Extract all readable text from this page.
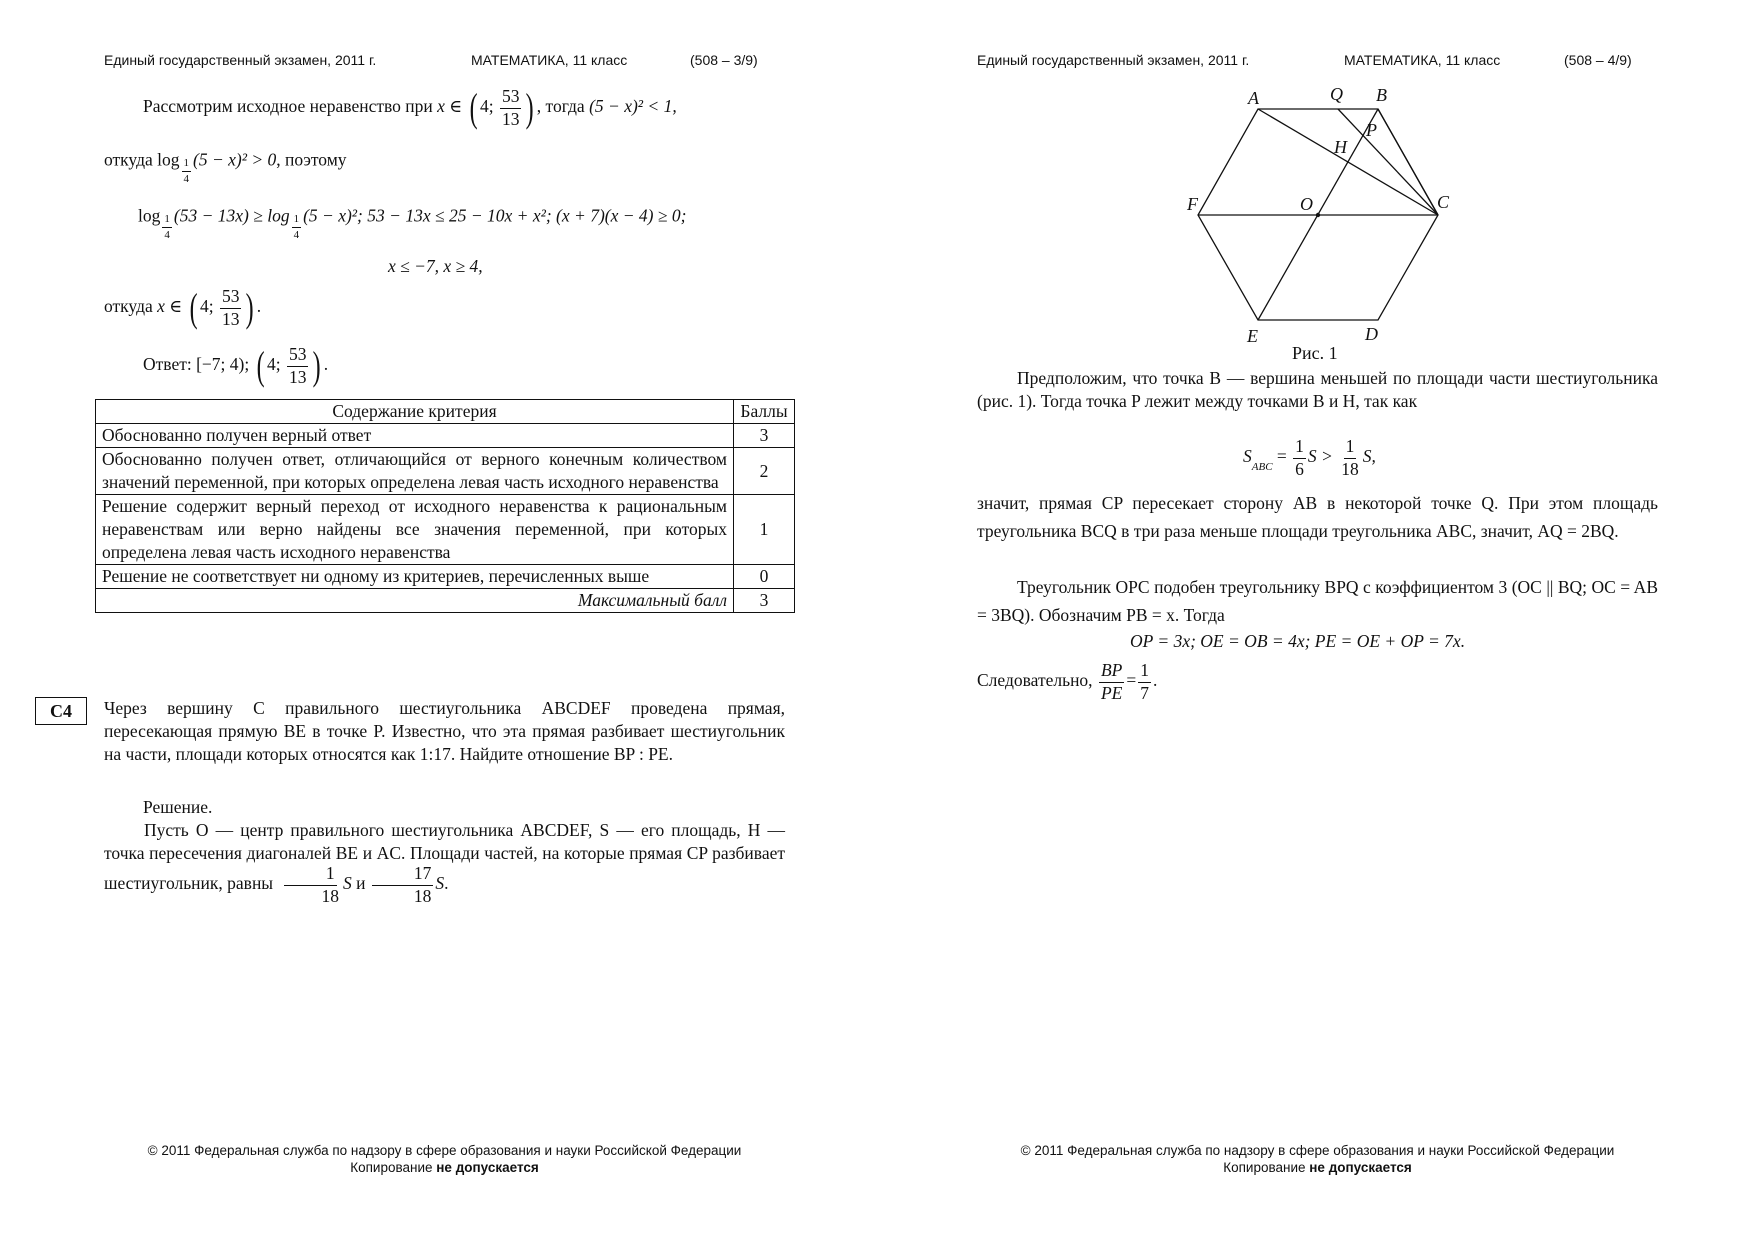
Единый государственный экзамен, 2011 г.	МАТЕМАТИКА, 11 класс	(508 – 3/9)
Рассмотрим исходное неравенство при x ∈ ( 4; $\frac{53}{13}$ ) , тогда (5 − x)² < 1,
откуда $\log \frac{1}{4} (5 - x)^2 > 0$, поэтому
$\log \frac{1}{4} (53 - 13x) \ge \log \frac{1}{4} (5 - x)^2$; 53 − 13x ≤ 25 − 10x + x²; (x + 7)(x − 4) ≥ 0;
x ≤ −7, x ≥ 4,
откуда x ∈ ( 4; $\frac{53}{13}$ ) .
Ответ: [−7; 4); ( 4; $\frac{53}{13}$ ) .
Содержание критерия	Баллы
Обоснованно получен верный ответ	3
Обоснованно получен ответ, отличающийся от верного конечным количеством значений переменной, при которых определена левая часть исходного неравенства	2
Решение содержит верный переход от исходного неравенства к рациональным неравенствам или верно найдены все значения переменной, при которых определена левая часть исходного неравенства	1
Решение не соответствует ни одному из критериев, перечисленных выше	0
Максимальный балл	3
C4	Через вершину C правильного шестиугольника ABCDEF проведена прямая, пересекающая прямую BE в точке P. Известно, что эта прямая разбивает шестиугольник на части, площади которых относятся как 1:17. Найдите отношение BP : PE.
Решение.
Пусть O — центр правильного шестиугольника ABCDEF, S — его площадь, H — точка пересечения диагоналей BE и AC. Площади частей, на которые прямая CP разбивает шестиугольник, равны $\frac{1}{18}$ S и $\frac{17}{18} S$.
© 2011 Федеральная служба по надзору в сфере образования и науки Российской Федерации
Копирование не допускается
Единый государственный экзамен, 2011 г.	МАТЕМАТИКА, 11 класс	(508 – 4/9)
A	Q B
P
H
F	O	C
E	D
Рис. 1
Предположим, что точка B — вершина меньшей по площади части шестиугольника (рис. 1). Тогда точка P лежит между точками B и H, так как
$S_{ABC} = \frac{1}{6}$ $S > \frac{1}{18} S$,
значит, прямая CP пересекает сторону AB в некоторой точке Q. При этом площадь треугольника BCQ в три раза меньше площади треугольника ABC, значит, AQ = 2BQ.
Треугольник OPC подобен треугольнику BPQ с коэффициентом 3 (OC || BQ; OC = AB = 3BQ). Обозначим PB = x. Тогда
OP = 3x; OE = OB = 4x; PE = OE + OP = 7x.
Следовательно, $\frac{BP}{PE} = \frac{1}{7}$ .
© 2011 Федеральная служба по надзору в сфере образования и науки Российской Федерации
Копирование не допускается
